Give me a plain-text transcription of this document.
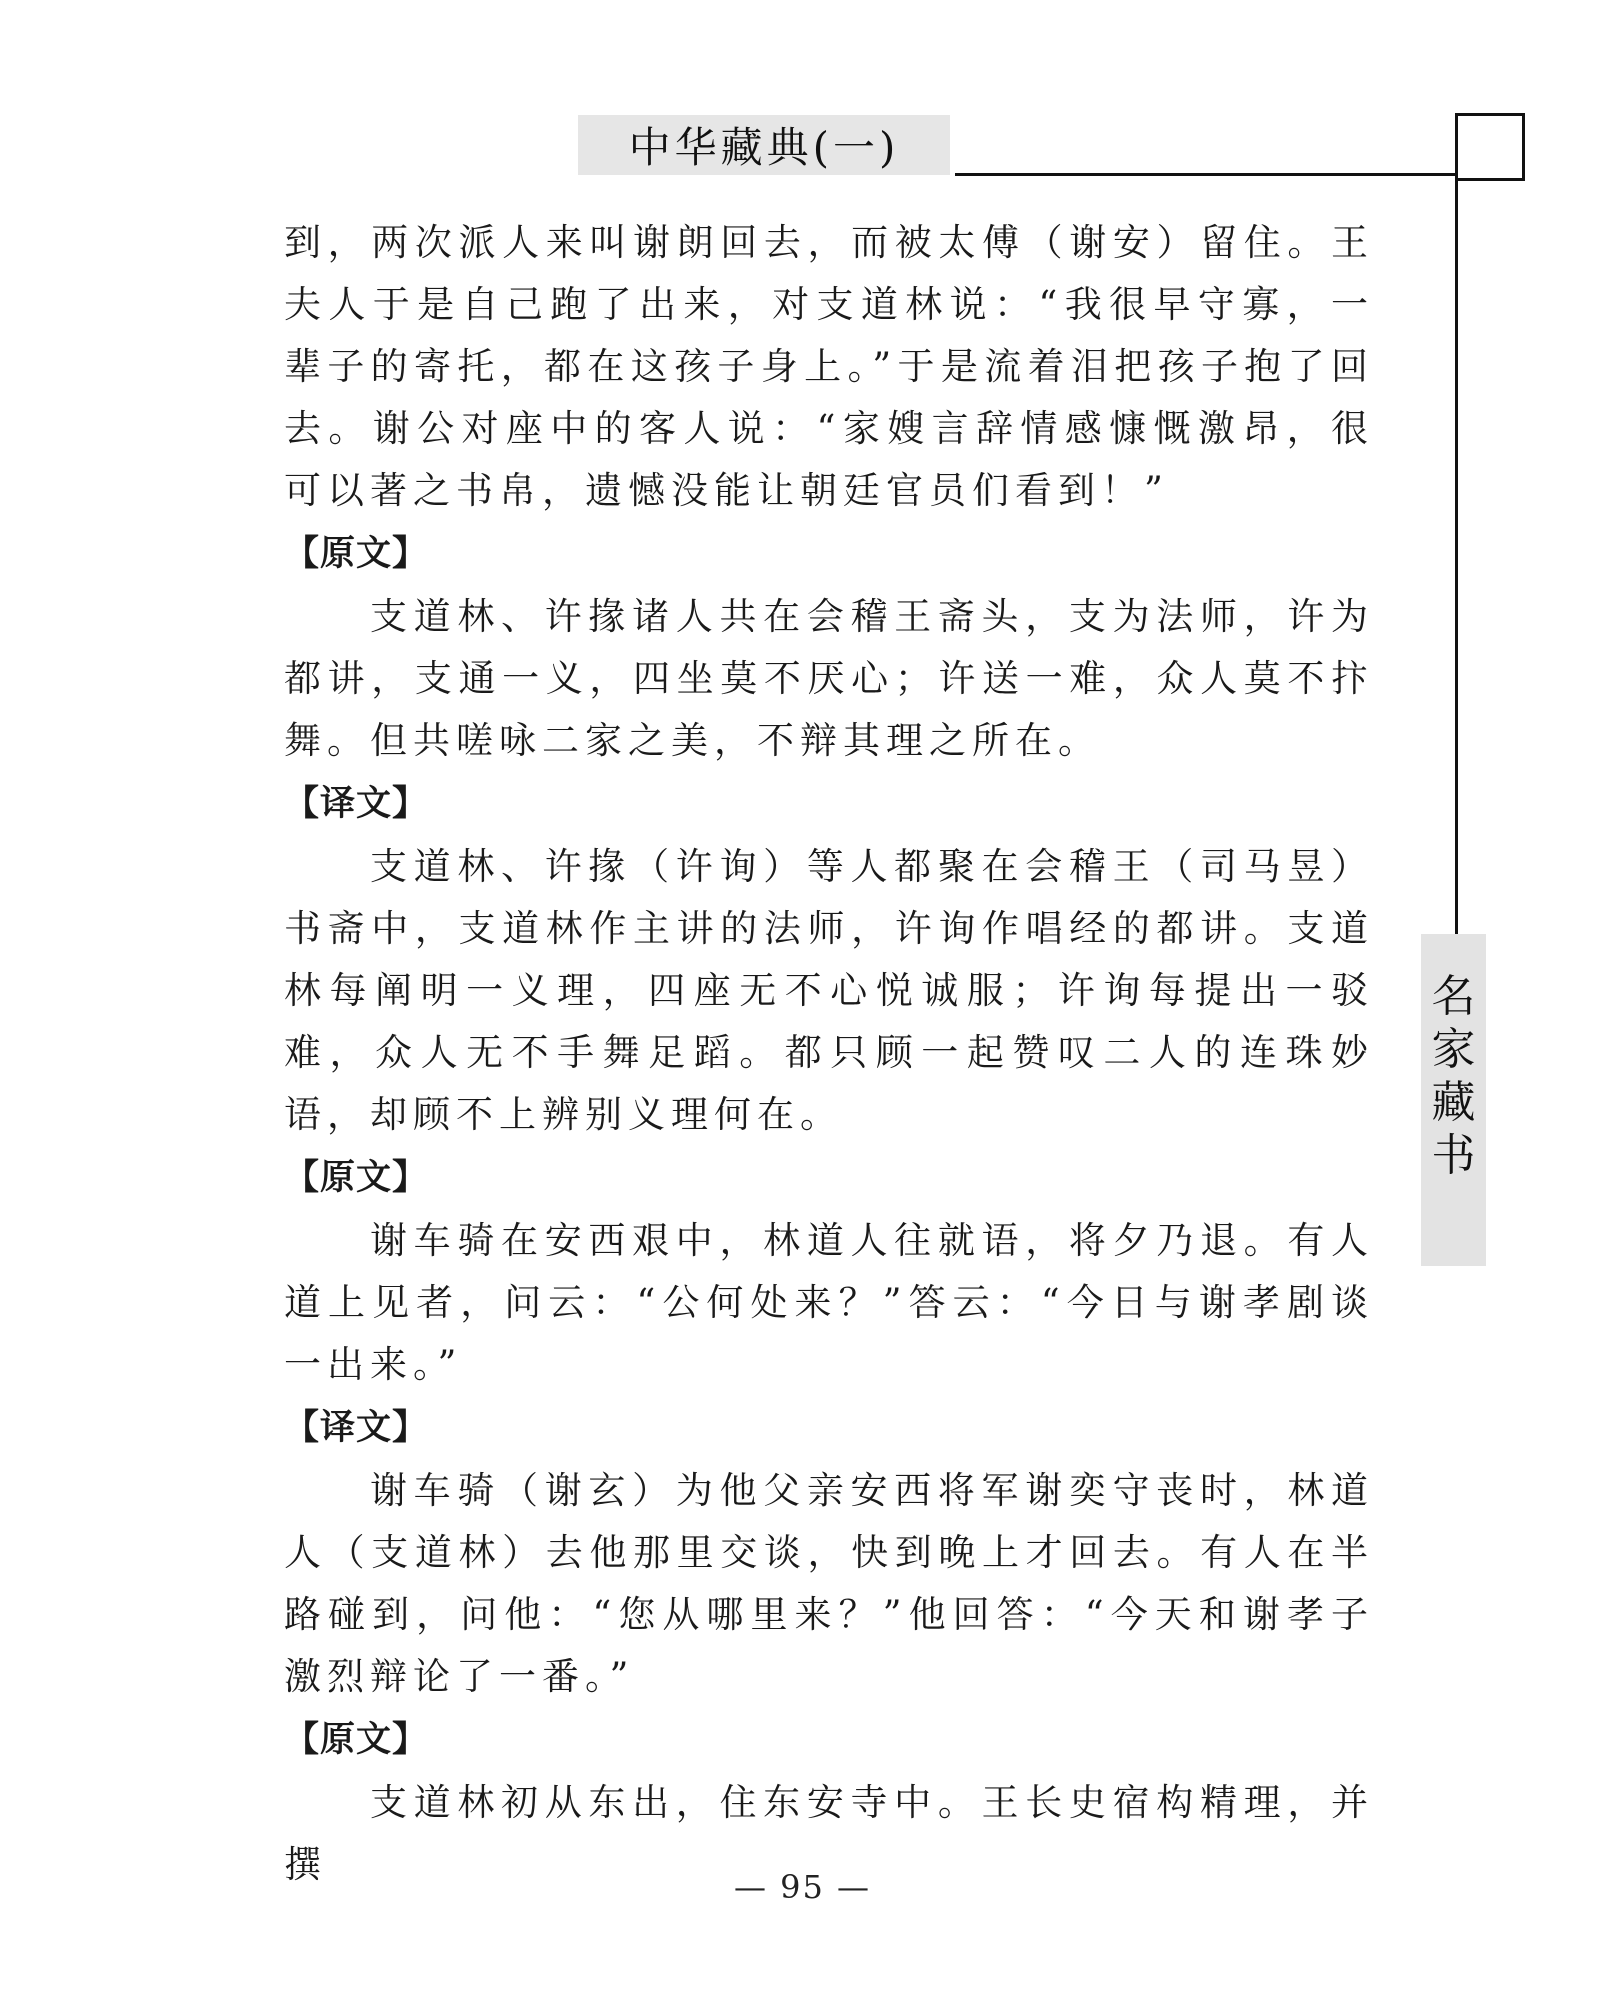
中华藏典(一)
名
家
藏
书

到，两次派人来叫谢朗回去，而被太傅（谢安）留住。王夫人于是自己跑了出来，对支道林说：“我很早守寡，一辈子的寄托，都在这孩子身上。”于是流着泪把孩子抱了回去。谢公对座中的客人说：“家嫂言辞情感慷慨激昂，很可以著之书帛，遗憾没能让朝廷官员们看到！”

【原文】

支道林、许掾诸人共在会稽王斋头，支为法师，许为都讲，支通一义，四坐莫不厌心；许送一难，众人莫不抃舞。但共嗟咏二家之美，不辩其理之所在。

【译文】

支道林、许掾（许询）等人都聚在会稽王（司马昱）书斋中，支道林作主讲的法师，许询作唱经的都讲。支道林每阐明一义理，四座无不心悦诚服；许询每提出一驳难，众人无不手舞足蹈。都只顾一起赞叹二人的连珠妙语，却顾不上辨别义理何在。

【原文】

谢车骑在安西艰中，林道人往就语，将夕乃退。有人道上见者，问云：“公何处来？”答云：“今日与谢孝剧谈一出来。”

【译文】

谢车骑（谢玄）为他父亲安西将军谢奕守丧时，林道人（支道林）去他那里交谈，快到晚上才回去。有人在半路碰到，问他：“您从哪里来？”他回答：“今天和谢孝子激烈辩论了一番。”

【原文】

支道林初从东出，住东安寺中。王长史宿构精理，并撰

— 95 —
